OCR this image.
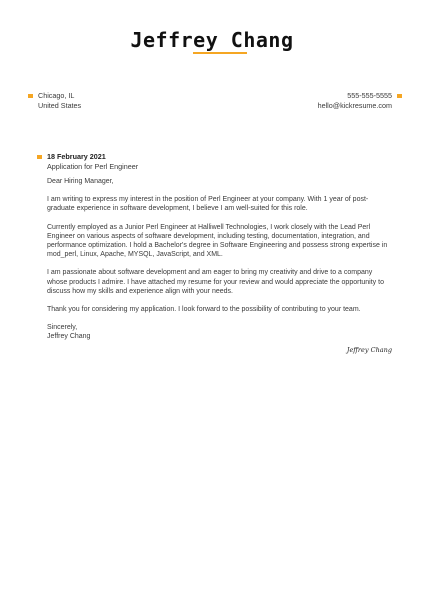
Jeffrey Chang
Chicago, IL
United States
555-555-5555
hello@kickresume.com
18 February 2021
Application for Perl Engineer

Dear Hiring Manager,

I am writing to express my interest in the position of Perl Engineer at your company. With 1 year of post-graduate experience in software development, I believe I am well-suited for this role.

Currently employed as a Junior Perl Engineer at Halliwell Technologies, I work closely with the Lead Perl Engineer on various aspects of software development, including testing, documentation, integration, and performance optimization. I hold a Bachelor's degree in Software Engineering and possess strong expertise in mod_perl, Linux, Apache, MYSQL, JavaScript, and XML.

I am passionate about software development and am eager to bring my creativity and drive to a company whose products I admire. I have attached my resume for your review and would appreciate the opportunity to discuss how my skills and experience align with your needs.

Thank you for considering my application. I look forward to the possibility of contributing to your team.

Sincerely,
Jeffrey Chang
Jeffrey Chang
